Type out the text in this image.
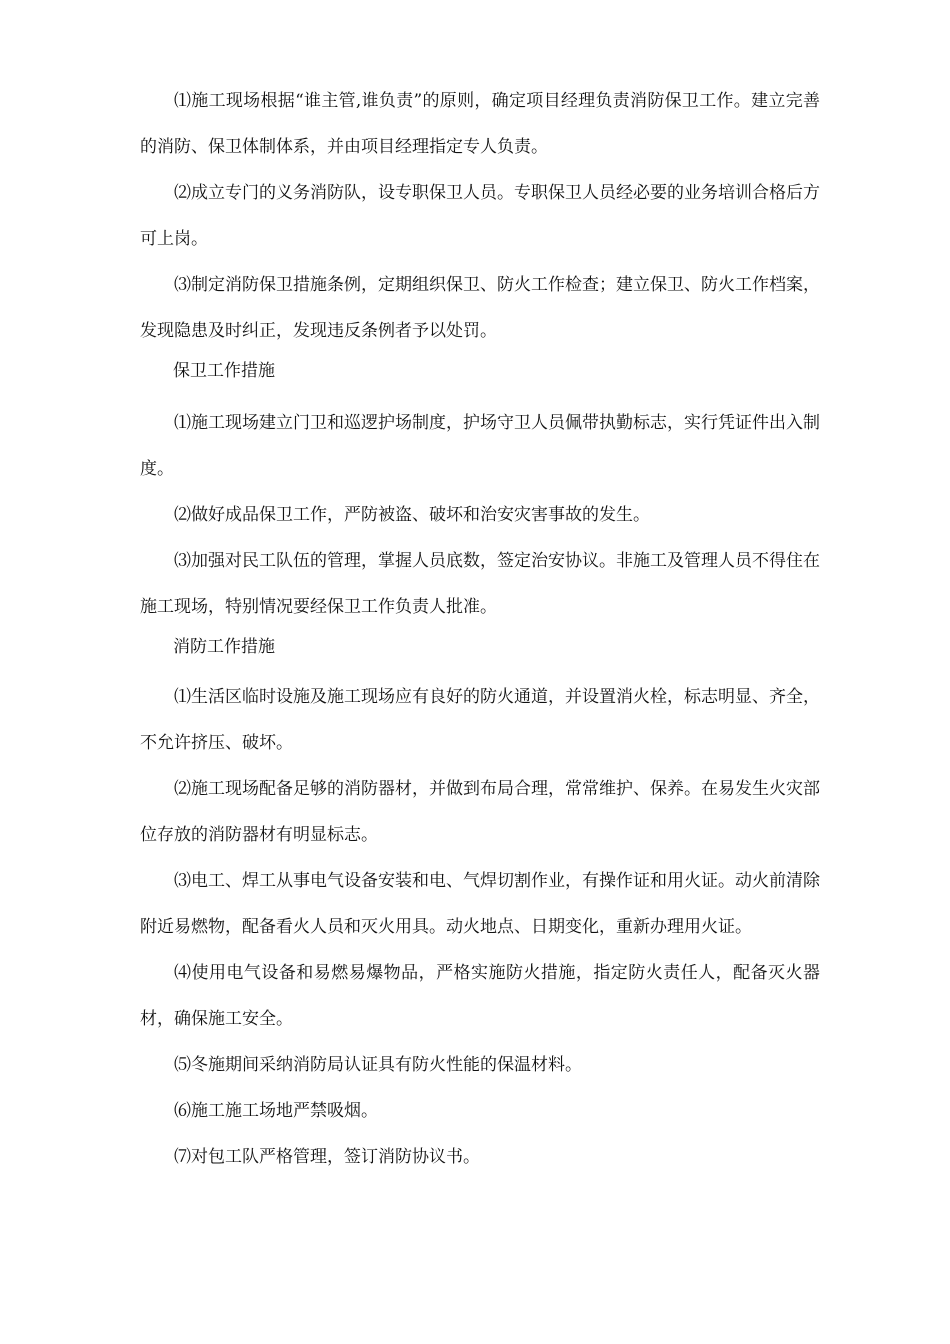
⑴施工现场根据“谁主管,谁负责”的原则，确定项目经理负责消防保卫工作。建立完善的消防、保卫体制体系，并由项目经理指定专人负责。

⑵成立专门的义务消防队，设专职保卫人员。专职保卫人员经必要的业务培训合格后方可上岗。

⑶制定消防保卫措施条例，定期组织保卫、防火工作检查；建立保卫、防火工作档案，发现隐患及时纠正，发现违反条例者予以处罚。

保卫工作措施

⑴施工现场建立门卫和巡逻护场制度，护场守卫人员佩带执勤标志，实行凭证件出入制度。

⑵做好成品保卫工作，严防被盗、破坏和治安灾害事故的发生。

⑶加强对民工队伍的管理，掌握人员底数，签定治安协议。非施工及管理人员不得住在施工现场，特别情况要经保卫工作负责人批准。

消防工作措施

⑴生活区临时设施及施工现场应有良好的防火通道，并设置消火栓，标志明显、齐全，不允许挤压、破坏。

⑵施工现场配备足够的消防器材，并做到布局合理，常常维护、保养。在易发生火灾部位存放的消防器材有明显标志。

⑶电工、焊工从事电气设备安装和电、气焊切割作业，有操作证和用火证。动火前清除附近易燃物，配备看火人员和灭火用具。动火地点、日期变化，重新办理用火证。

⑷使用电气设备和易燃易爆物品，严格实施防火措施，指定防火责任人，配备灭火器材，确保施工安全。

⑸冬施期间采纳消防局认证具有防火性能的保温材料。

⑹施工施工场地严禁吸烟。

⑺对包工队严格管理，签订消防协议书。
